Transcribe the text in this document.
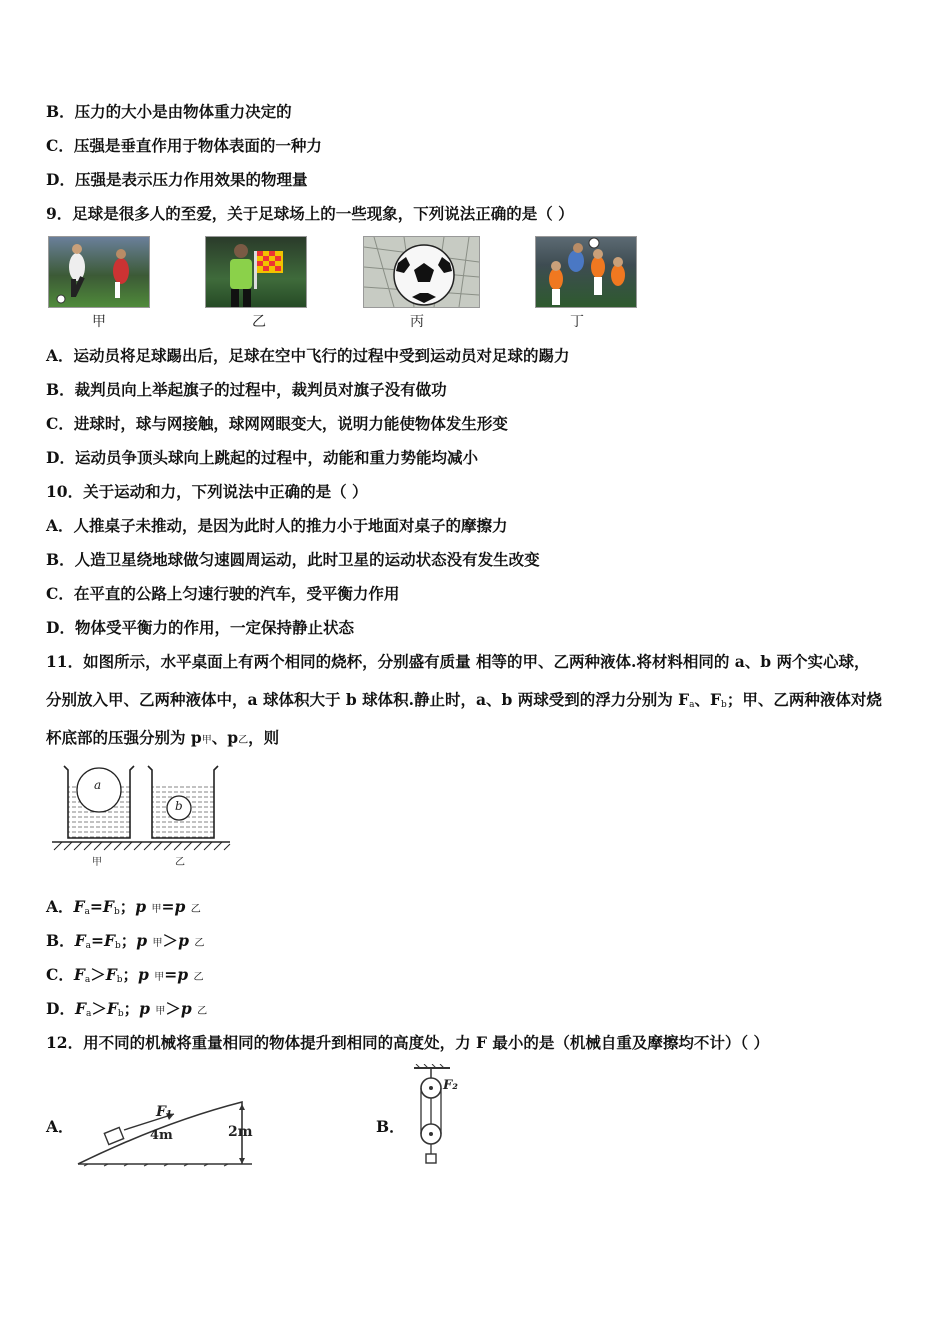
B．压力的大小是由物体重力决定的
C．压强是垂直作用于物体表面的一种力
D．压强是表示压力作用效果的物理量
9．足球是很多人的至爱，关于足球场上的一些现象，下列说法正确的是（ ）
甲	乙	丙	丁
A．运动员将足球踢出后，足球在空中飞行的过程中受到运动员对足球的踢力
B．裁判员向上举起旗子的过程中，裁判员对旗子没有做功
C．进球时，球与网接触，球网网眼变大，说明力能使物体发生形变
D．运动员争顶头球向上跳起的过程中，动能和重力势能均减小
10．关于运动和力，下列说法中正确的是（ ）
A．人推桌子未推动，是因为此时人的推力小于地面对桌子的摩擦力
B．人造卫星绕地球做匀速圆周运动，此时卫星的运动状态没有发生改变
C．在平直的公路上匀速行驶的汽车，受平衡力作用
D．物体受平衡力的作用，一定保持静止状态
11．如图所示，水平桌面上有两个相同的烧杯，分别盛有质量 相等的甲、乙两种液体.将材料相同的 a、b 两个实心球，
分别放入甲、乙两种液体中，a 球体积大于 b 球体积.静止时，a、b 两球受到的浮力分别为 $F_a$、$F_b$；甲、乙两种液体对烧
杯底部的压强分别为 p甲、p乙，则
a
b
甲	乙
A．$F_a=F_b$；p 甲=p 乙
B．$F_a=F_b$；p 甲＞p 乙
C．$F_a>F_b$；p 甲=p 乙
D．$F_a>F_b$；p 甲＞p 乙
12．用不同的机械将重量相同的物体提升到相同的高度处，力 F 最小的是（机械自重及摩擦均不计）（ ）
A．
F₁
4m	2m	B．
F₂
